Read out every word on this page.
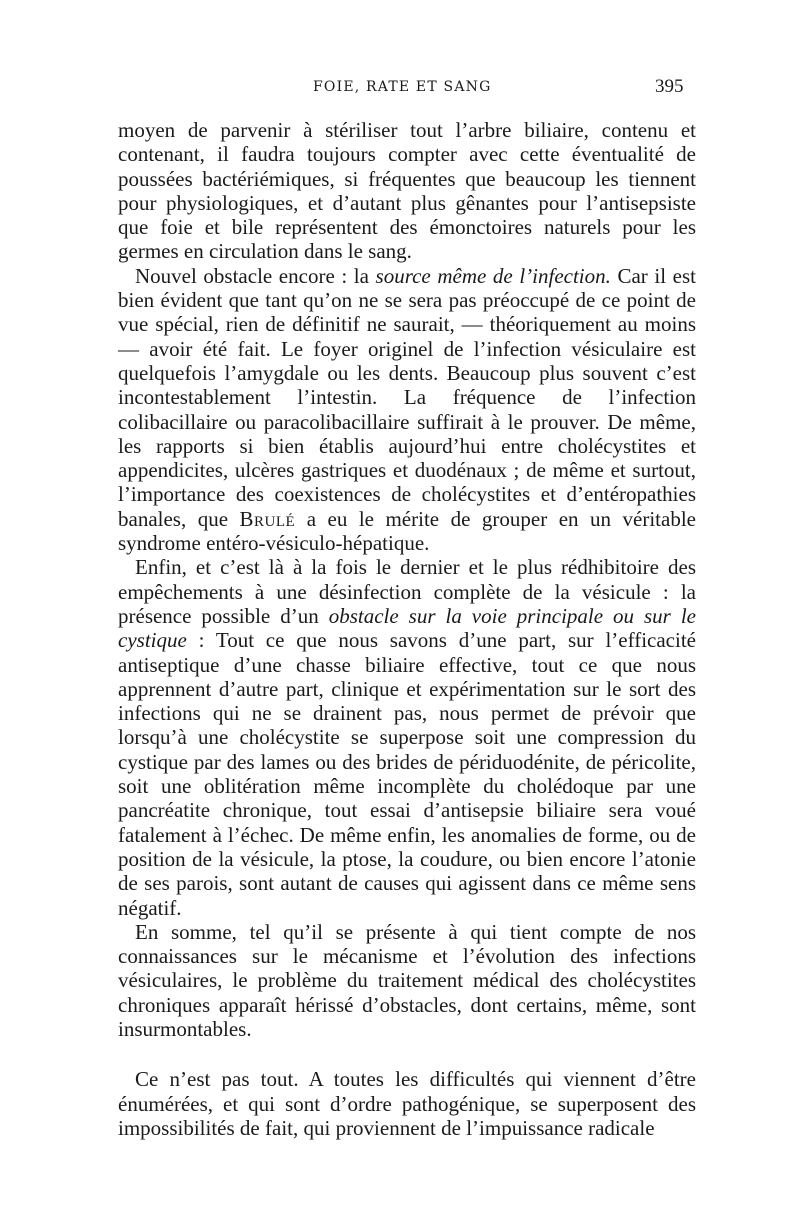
FOIE, RATE ET SANG	395

moyen de parvenir à stériliser tout l’arbre biliaire, contenu et contenant, il faudra toujours compter avec cette éventualité de poussées bactériémiques, si fréquentes que beaucoup les tiennent pour physiologiques, et d’autant plus gênantes pour l’antisepsiste que foie et bile représentent des émonctoires naturels pour les germes en circulation dans le sang.

Nouvel obstacle encore : la source même de l’infection. Car il est bien évident que tant qu’on ne se sera pas préoccupé de ce point de vue spécial, rien de définitif ne saurait, — théoriquement au moins — avoir été fait. Le foyer originel de l’infection vésiculaire est quelquefois l’amygdale ou les dents. Beaucoup plus souvent c’est incontestablement l’intestin. La fréquence de l’infection colibacillaire ou paracolibacillaire suffirait à le prouver. De même, les rapports si bien établis aujourd’hui entre cholécystites et appendicites, ulcères gastriques et duodénaux ; de même et surtout, l’importance des coexistences de cholécystites et d’entéropathies banales, que Brulé a eu le mérite de grouper en un véritable syndrome entéro-vésiculo-hépatique.

Enfin, et c’est là à la fois le dernier et le plus rédhibitoire des empêchements à une désinfection complète de la vésicule : la présence possible d’un obstacle sur la voie principale ou sur le cystique : Tout ce que nous savons d’une part, sur l’efficacité antiseptique d’une chasse biliaire effective, tout ce que nous apprennent d’autre part, clinique et expérimentation sur le sort des infections qui ne se drainent pas, nous permet de prévoir que lorsqu’à une cholécystite se superpose soit une compression du cystique par des lames ou des brides de périduodénite, de péricolite, soit une oblitération même incomplète du cholédoque par une pancréatite chronique, tout essai d’antisepsie biliaire sera voué fatalement à l’échec. De même enfin, les anomalies de forme, ou de position de la vésicule, la ptose, la coudure, ou bien encore l’atonie de ses parois, sont autant de causes qui agissent dans ce même sens négatif.

En somme, tel qu’il se présente à qui tient compte de nos connaissances sur le mécanisme et l’évolution des infections vésiculaires, le problème du traitement médical des cholécystites chroniques apparaît hérissé d’obstacles, dont certains, même, sont insurmontables.

Ce n’est pas tout. A toutes les difficultés qui viennent d’être énumérées, et qui sont d’ordre pathogénique, se superposent des impossibilités de fait, qui proviennent de l’impuissance radicale
